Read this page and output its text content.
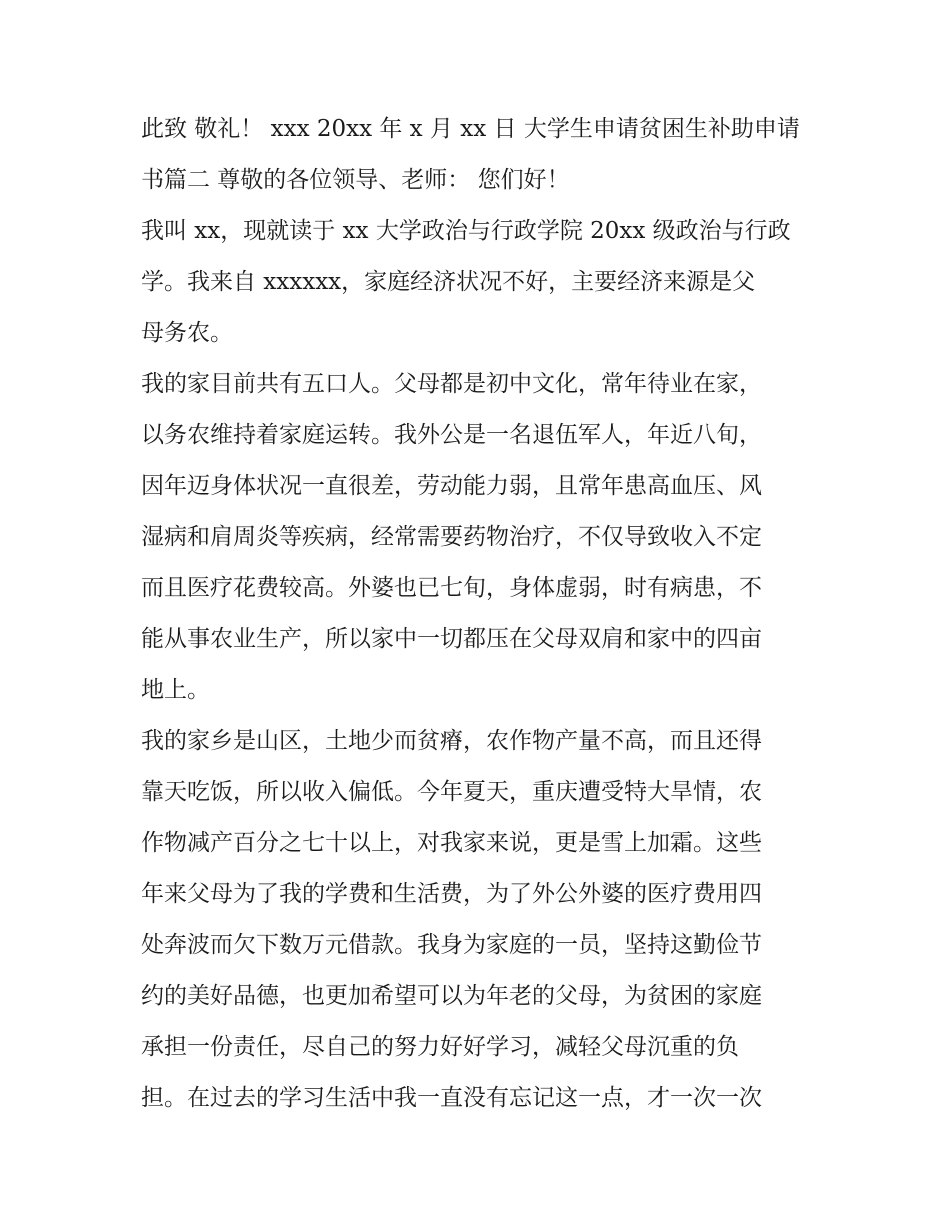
此致 敬礼！ xxx 20xx 年 x 月 xx 日 大学生申请贫困生补助申请
书篇二 尊敬的各位领导、老师： 您们好！
我叫 xx，现就读于 xx 大学政治与行政学院 20xx 级政治与行政
学。我来自 xxxxxx，家庭经济状况不好，主要经济来源是父
母务农。
我的家目前共有五口人。父母都是初中文化，常年待业在家，
以务农维持着家庭运转。我外公是一名退伍军人，年近八旬，
因年迈身体状况一直很差，劳动能力弱，且常年患高血压、风
湿病和肩周炎等疾病，经常需要药物治疗，不仅导致收入不定
而且医疗花费较高。外婆也已七旬，身体虚弱，时有病患，不
能从事农业生产，所以家中一切都压在父母双肩和家中的四亩
地上。
我的家乡是山区，土地少而贫瘠，农作物产量不高，而且还得
靠天吃饭，所以收入偏低。今年夏天，重庆遭受特大旱情，农
作物减产百分之七十以上，对我家来说，更是雪上加霜。这些
年来父母为了我的学费和生活费，为了外公外婆的医疗费用四
处奔波而欠下数万元借款。我身为家庭的一员，坚持这勤俭节
约的美好品德，也更加希望可以为年老的父母，为贫困的家庭
承担一份责任，尽自己的努力好好学习，减轻父母沉重的负
担。在过去的学习生活中我一直没有忘记这一点，才一次一次
